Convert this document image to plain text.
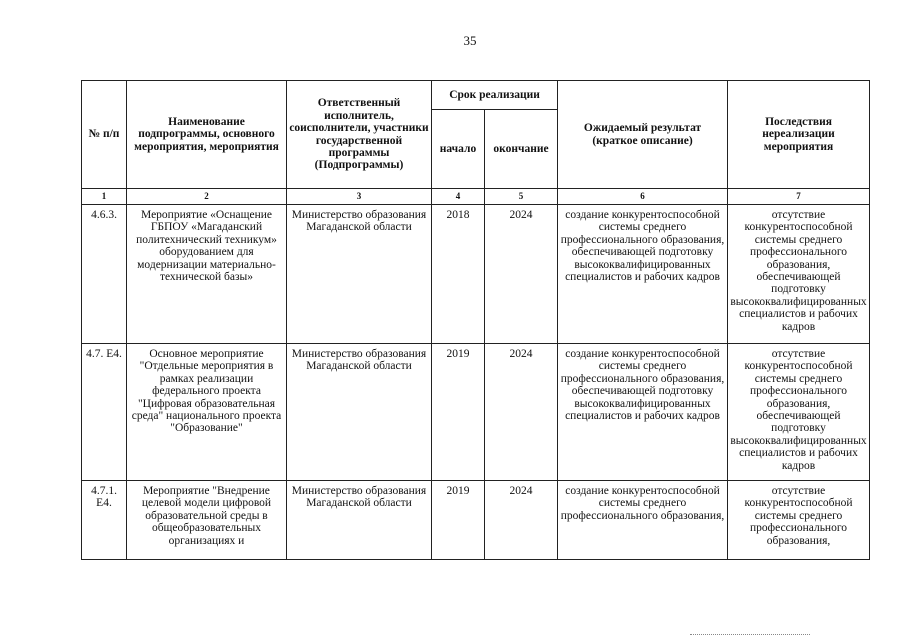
35
№ п/п	Наименование подпрограммы, основного мероприятия, мероприятия	Ответственный исполнитель, соисполнители, участники государственной программы (Подпрограммы)	Срок реализации		Ожидаемый результат (краткое описание)	Последствия нереализации мероприятия
			начало	окончание		
1	2	3	4	5	6	7
4.6.3.	Мероприятие «Оснащение ГБПОУ «Магаданский политехнический техникум» оборудованием для модернизации материально-технической базы»	Министерство образования Магаданской области	2018	2024	создание конкурентоспособной системы среднего профессионального образования, обеспечивающей подготовку высококвалифицированных специалистов и рабочих кадров	отсутствие конкурентоспособной системы среднего профессионального образования, обеспечивающей подготовку высококвалифицированных специалистов и рабочих кадров
4.7. Е4.	Основное мероприятие "Отдельные мероприятия в рамках реализации федерального проекта "Цифровая образовательная среда" национального проекта "Образование"	Министерство образования Магаданской области	2019	2024	создание конкурентоспособной системы среднего профессионального образования, обеспечивающей подготовку высококвалифицированных специалистов и рабочих кадров	отсутствие конкурентоспособной системы среднего профессионального образования, обеспечивающей подготовку высококвалифицированных специалистов и рабочих кадров
4.7.1. Е4.	Мероприятие "Внедрение целевой модели цифровой образовательной среды в общеобразовательных организациях и	Министерство образования Магаданской области	2019	2024	создание конкурентоспособной системы среднего профессионального образования,	отсутствие конкурентоспособной системы среднего профессионального образования,
